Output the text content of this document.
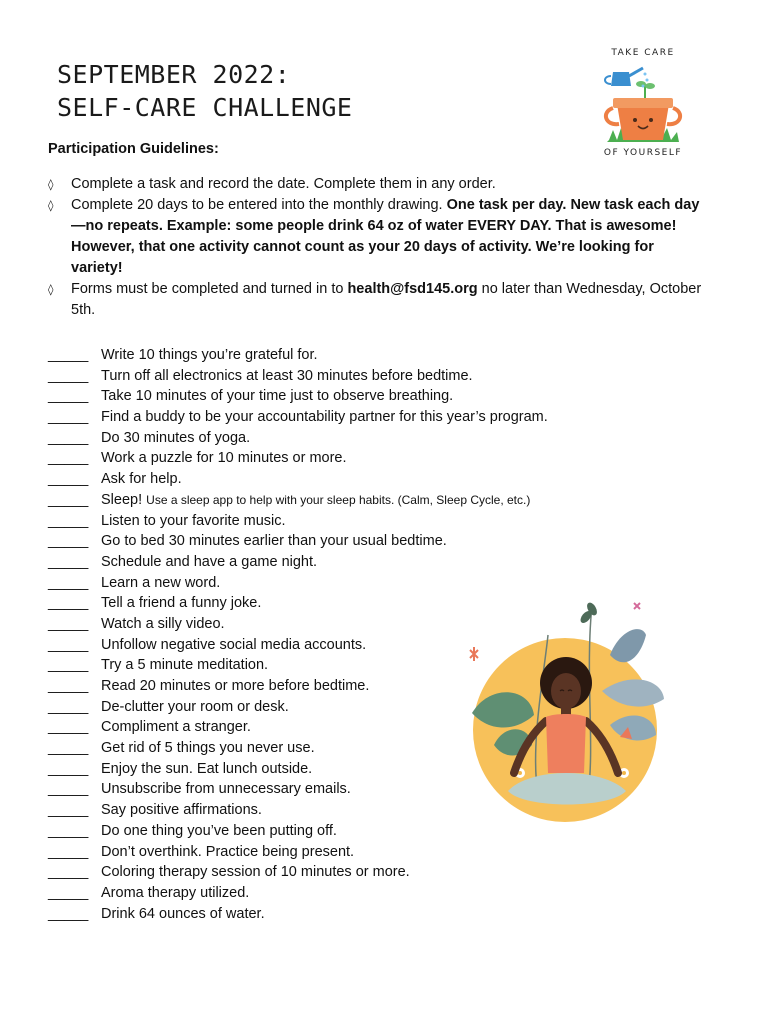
SEPTEMBER 2022:
SELF-CARE CHALLENGE
TAKE CARE
OF YOURSELF
Participation Guidelines:
◊ Complete a task and record the date. Complete them in any order.
◊ Complete 20 days to be entered into the monthly drawing. One task per day. New task each day—no repeats. Example: some people drink 64 oz of water EVERY DAY. That is awesome! However, that one activity cannot count as your 20 days of activity. We’re looking for variety!
◊ Forms must be completed and turned in to health@fsd145.org no later than Wednesday, October 5th.
_____ Write 10 things you’re grateful for.
_____ Turn off all electronics at least 30 minutes before bedtime.
_____ Take 10 minutes of your time just to observe breathing.
_____ Find a buddy to be your accountability partner for this year’s program.
_____ Do 30 minutes of yoga.
_____ Work a puzzle for 10 minutes or more.
_____ Ask for help.
_____ Sleep! Use a sleep app to help with your sleep habits. (Calm, Sleep Cycle, etc.)
_____ Listen to your favorite music.
_____ Go to bed 30 minutes earlier than your usual bedtime.
_____ Schedule and have a game night.
_____ Learn a new word.
_____ Tell a friend a funny joke.
_____ Watch a silly video.
_____ Unfollow negative social media accounts.
_____ Try a 5 minute meditation.
_____ Read 20 minutes or more before bedtime.
_____ De-clutter your room or desk.
_____ Compliment a stranger.
_____ Get rid of 5 things you never use.
_____ Enjoy the sun. Eat lunch outside.
_____ Unsubscribe from unnecessary emails.
_____ Say positive affirmations.
_____ Do one thing you’ve been putting off.
_____ Don’t overthink. Practice being present.
_____ Coloring therapy session of 10 minutes or more.
_____ Aroma therapy utilized.
_____ Drink 64 ounces of water.
